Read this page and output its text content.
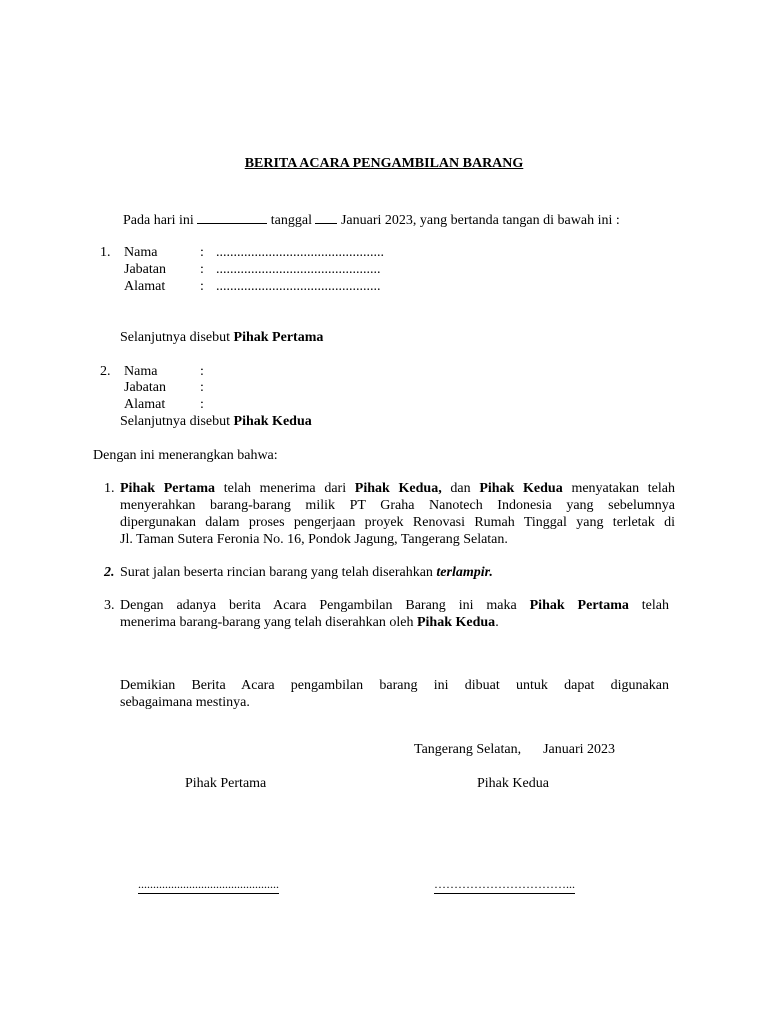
BERITA ACARA PENGAMBILAN BARANG
Pada hari ini	tanggal Januari 2023, yang bertanda tangan di bawah ini :
1. Nama	: ................................................
Jabatan : ...............................................
Alamat : ...............................................
Selanjutnya disebut Pihak Pertama
2. Nama	:
Jabatan :
Alamat :
Selanjutnya disebut Pihak Kedua
Dengan ini menerangkan bahwa:
1. Pihak Pertama telah menerima dari Pihak Kedua, dan Pihak Kedua menyatakan telah
menyerahkan barang-barang milik PT Graha Nanotech Indonesia yang sebelumnya
dipergunakan dalam proses pengerjaan proyek Renovasi Rumah Tinggal yang terletak di
Jl. Taman Sutera Feronia No. 16, Pondok Jagung, Tangerang Selatan.
2. Surat jalan beserta rincian barang yang telah diserahkan terlampir.
3. Dengan adanya berita Acara Pengambilan Barang ini maka Pihak Pertama telah
menerima barang-barang yang telah diserahkan oleh Pihak Kedua.
Demikian Berita Acara pengambilan barang ini dibuat untuk dapat digunakan
sebagaimana mestinya.
Tangerang Selatan, Januari 2023
Pihak Pertama	Pihak Kedua
...............................................	……………………………...
